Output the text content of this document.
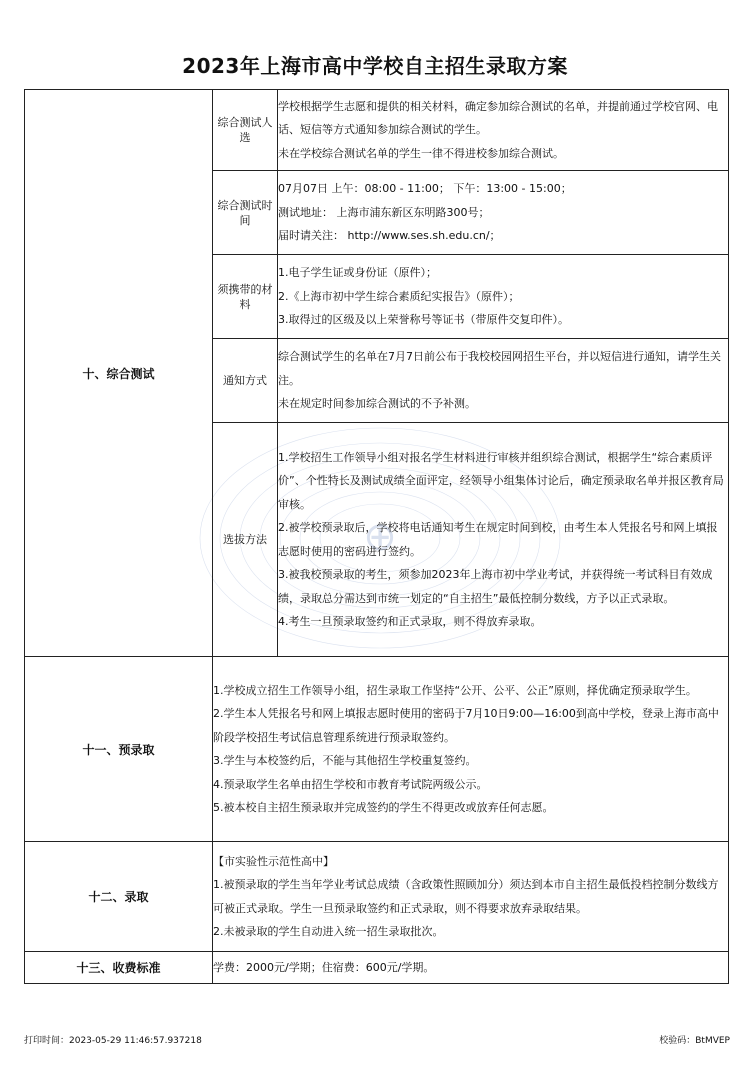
2023年上海市高中学校自主招生录取方案
⊕
十、综合测试	综合测试人选	学校根据学生志愿和提供的相关材料，确定参加综合测试的名单，并提前通过学校官网、电话、短信等方式通知参加综合测试的学生。
未在学校综合测试名单的学生一律不得进校参加综合测试。

	综合测试时间	07月07日 上午：08:00 - 11:00； 下午：13:00 - 15:00；
测试地址： 上海市浦东新区东明路300号；
届时请关注： http://www.ses.sh.edu.cn/；

	须携带的材料	1.电子学生证或身份证（原件）；
2.《上海市初中学生综合素质纪实报告》（原件）；
3.取得过的区级及以上荣誉称号等证书（带原件交复印件）。

	通知方式	综合测试学生的名单在7月7日前公布于我校校园网招生平台，并以短信进行通知，请学生关注。
未在规定时间参加综合测试的不予补测。

	选拔方法	1.学校招生工作领导小组对报名学生材料进行审核并组织综合测试，根据学生“综合素质评价”、个性特长及测试成绩全面评定，经领导小组集体讨论后，确定预录取名单并报区教育局审核。
2.被学校预录取后，学校将电话通知考生在规定时间到校，由考生本人凭报名号和网上填报志愿时使用的密码进行签约。
3.被我校预录取的考生，须参加2023年上海市初中学业考试，并获得统一考试科目有效成绩，录取总分需达到市统一划定的“自主招生”最低控制分数线，方予以正式录取。
4.考生一旦预录取签约和正式录取，则不得放弃录取。

十一、预录取	1.学校成立招生工作领导小组，招生录取工作坚持“公开、公平、公正”原则，择优确定预录取学生。
2.学生本人凭报名号和网上填报志愿时使用的密码于7月10日9:00—16:00到高中学校，登录上海市高中阶段学校招生考试信息管理系统进行预录取签约。
3.学生与本校签约后，不能与其他招生学校重复签约。
4.预录取学生名单由招生学校和市教育考试院两级公示。
5.被本校自主招生预录取并完成签约的学生不得更改或放弃任何志愿。	

十二、录取	【市实验性示范性高中】
1.被预录取的学生当年学业考试总成绩（含政策性照顾加分）须达到本市自主招生最低投档控制分数线方可被正式录取。学生一旦预录取签约和正式录取，则不得要求放弃录取结果。
2.未被录取的学生自动进入统一招生录取批次。	

十三、收费标准	学费：2000元/学期；住宿费：600元/学期。	
打印时间：2023-05-29 11:46:57.937218	校验码：BtMVEP
